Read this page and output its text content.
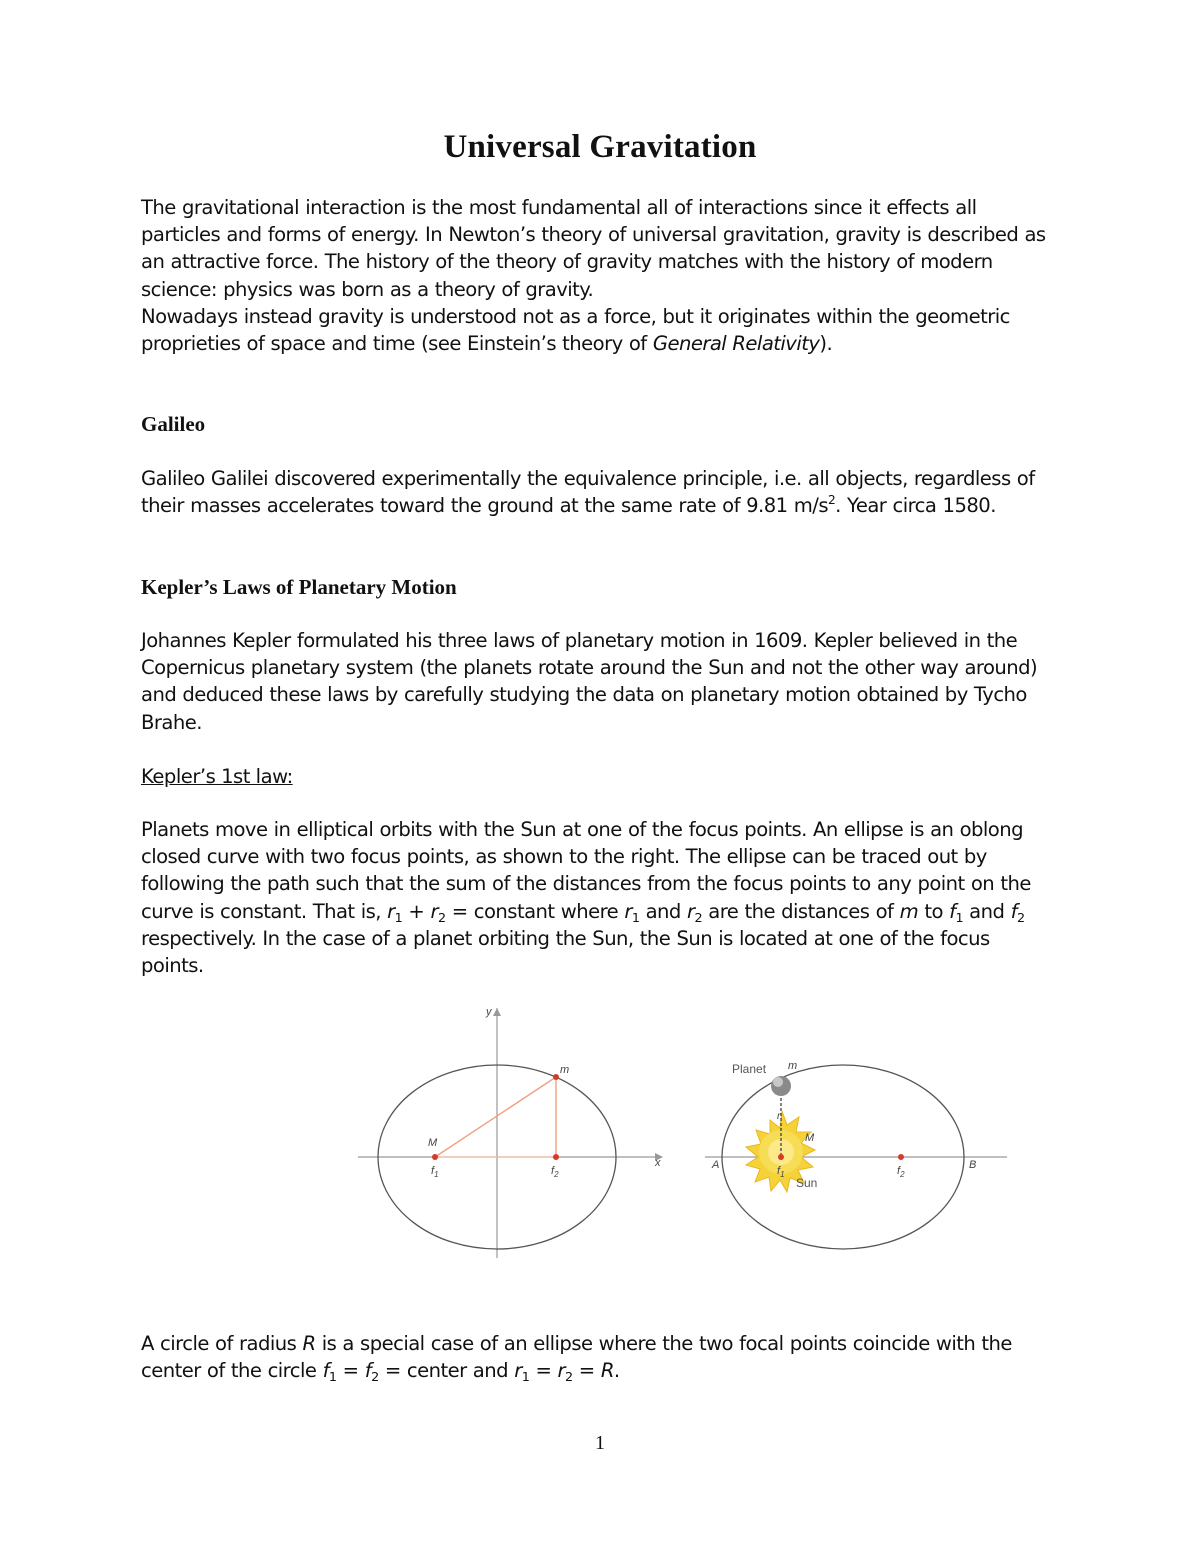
Universal Gravitation
The gravitational interaction is the most fundamental all of interactions since it effects all
particles and forms of energy. In Newton’s theory of universal gravitation, gravity is described as
an attractive force. The history of the theory of gravity matches with the history of modern
science: physics was born as a theory of gravity.
Nowadays instead gravity is understood not as a force, but it originates within the geometric
proprieties of space and time (see Einstein’s theory of General Relativity).
Galileo
Galileo Galilei discovered experimentally the equivalence principle, i.e. all objects, regardless of
their masses accelerates toward the ground at the same rate of 9.81 $m/s^2$. Year circa 1580.
Kepler’s Laws of Planetary Motion
Johannes Kepler formulated his three laws of planetary motion in 1609. Kepler believed in the
Copernicus planetary system (the planets rotate around the Sun and not the other way around)
and deduced these laws by carefully studying the data on planetary motion obtained by Tycho
Brahe.

Kepler’s 1st law:

Planets move in elliptical orbits with the Sun at one of the focus points. An ellipse is an oblong
closed curve with two focus points, as shown to the right. The ellipse can be traced out by
following the path such that the sum of the distances from the focus points to any point on the
curve is constant. That is, $r_1 + r_2$ = constant where $r_1$ and $r_2$ are the distances of m to $f_1$ and $f_2$
respectively. In the case of a planet orbiting the Sun, the Sun is located at one of the focus
points.
y
x
m
M
$f_1$	$f_2$
Planet m
r
M
Sun
A	B
$f_1$	$f_2$
A circle of radius R is a special case of an ellipse where the two focal points coincide with the
center of the circle $f_1 = f_2$ = center and $r_1 = r_2 = R$.
1
